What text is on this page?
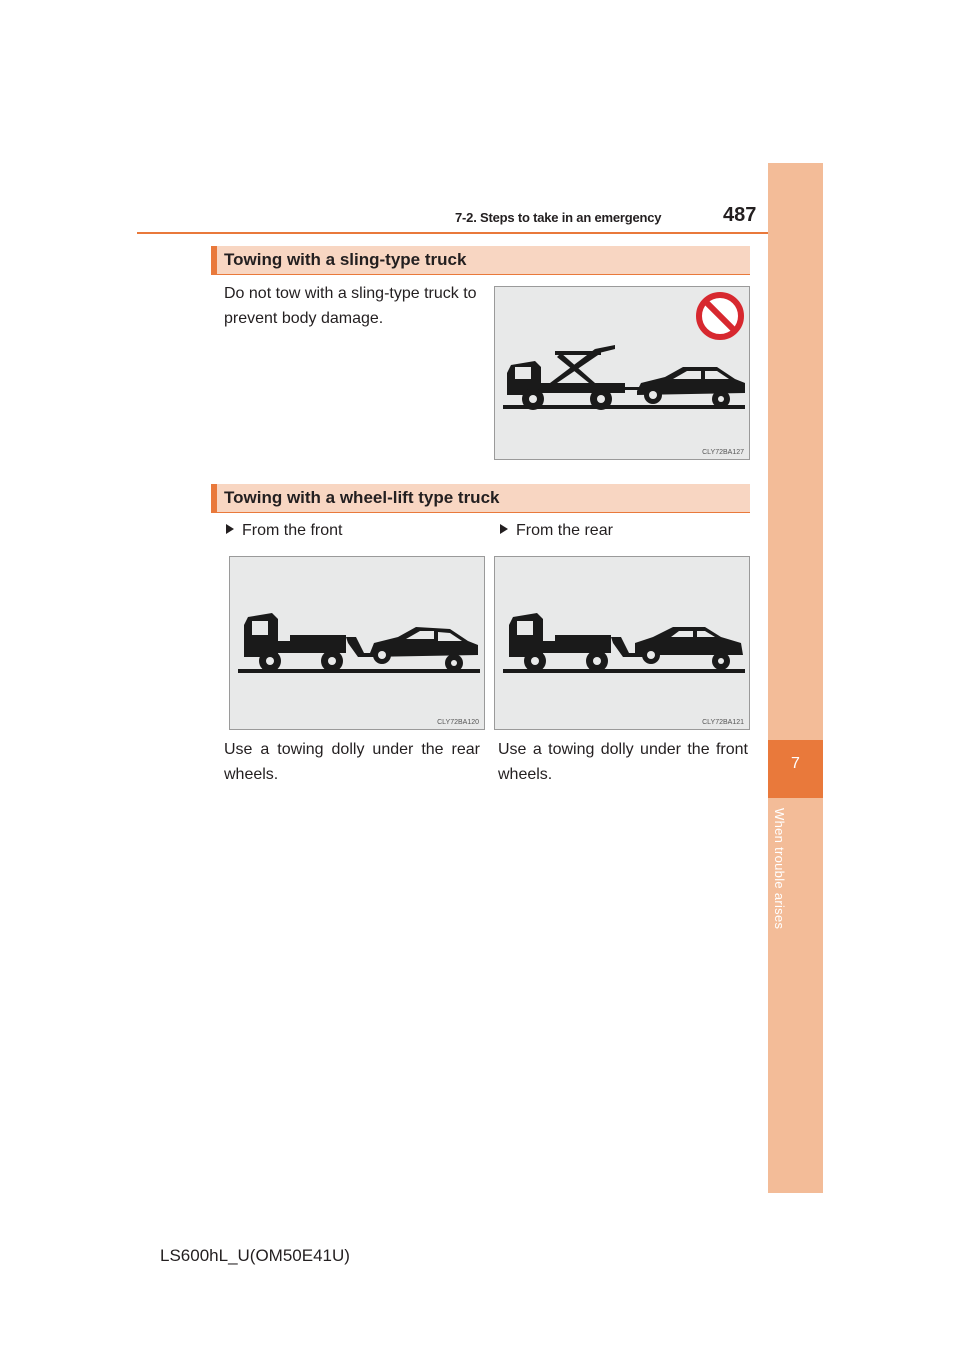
7-2. Steps to take in an emergency	487
7
When trouble arises
Towing with a sling-type truck
Do not tow with a sling-type truck to prevent body damage.
CLY72BA127
Towing with a wheel-lift type truck
From the front	From the rear
CLY72BA120	CLY72BA121
Use a towing dolly under the rear wheels.
Use a towing dolly under the front wheels.
LS600hL_U(OM50E41U)
